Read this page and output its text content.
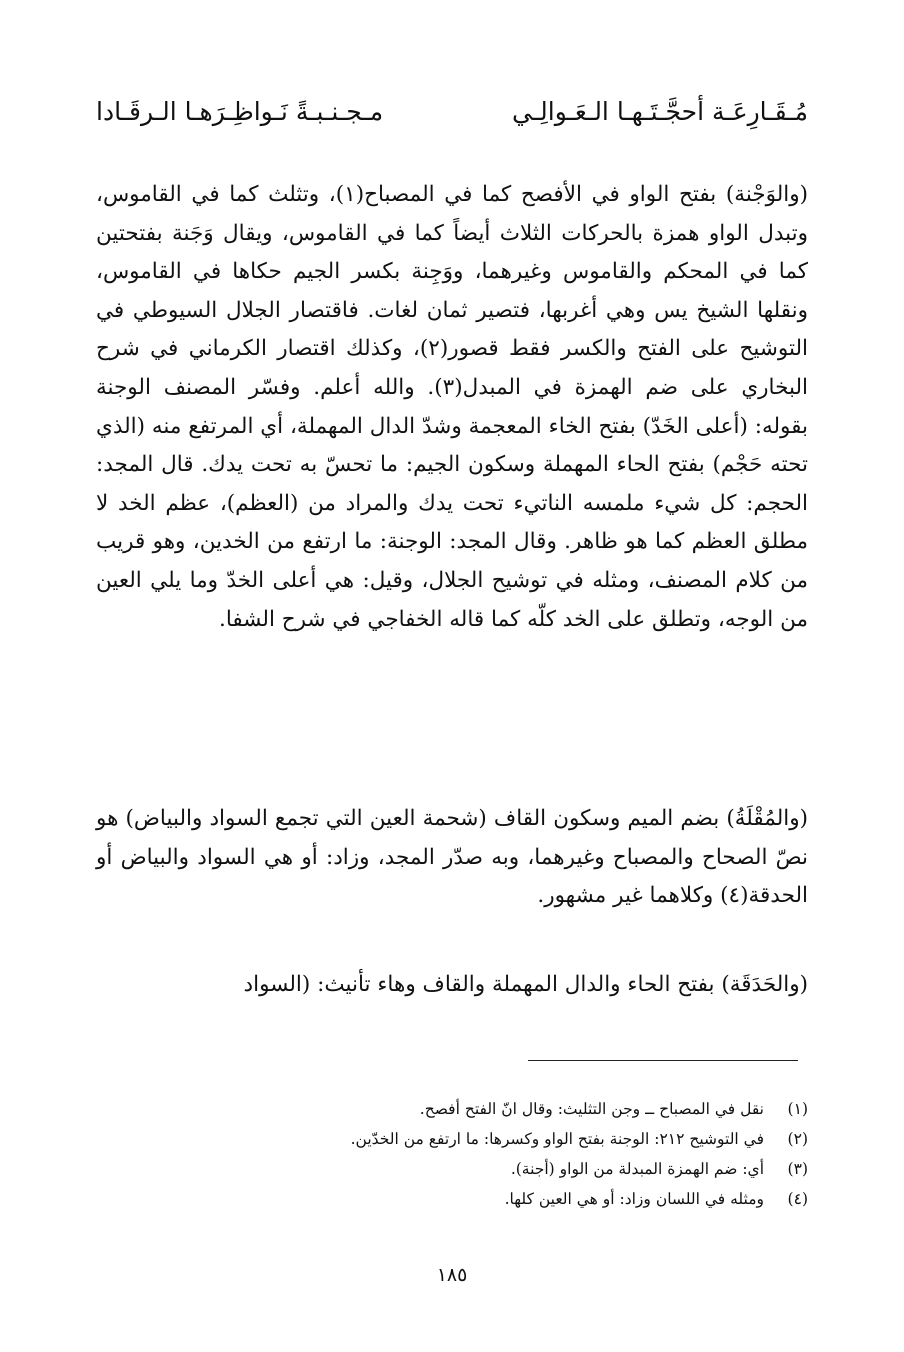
مُـقَـارِعَـة أحجَّـتَـهـا الـعَـوالِـي
مـجـنـبـةً نَـواظِـرَهـا الـرقَـادا

(والوَجْنة) بفتح الواو في الأفصح كما في المصباح(١)، وتثلث كما في القاموس، وتبدل الواو همزة بالحركات الثلاث أيضاً كما في القاموس، ويقال وَجَنة بفتحتين كما في المحكم والقاموس وغيرهما، ووَجِنة بكسر الجيم حكاها في القاموس، ونقلها الشيخ يس وهي أغربها، فتصير ثمان لغات. فاقتصار الجلال السيوطي في التوشيح على الفتح والكسر فقط قصور(٢)، وكذلك اقتصار الكرماني في شرح البخاري على ضم الهمزة في المبدل(٣). والله أعلم. وفسّر المصنف الوجنة بقوله: (أعلى الخَدّ) بفتح الخاء المعجمة وشدّ الدال المهملة، أي المرتفع منه (الذي تحته حَجْم) بفتح الحاء المهملة وسكون الجيم: ما تحسّ به تحت يدك. قال المجد: الحجم: كل شيء ملمسه الناتيء تحت يدك والمراد من (العظم)، عظم الخد لا مطلق العظم كما هو ظاهر. وقال المجد: الوجنة: ما ارتفع من الخدين، وهو قريب من كلام المصنف، ومثله في توشيح الجلال، وقيل: هي أعلى الخدّ وما يلي العين من الوجه، وتطلق على الخد كلّه كما قاله الخفاجي في شرح الشفا.

(والمُقْلَةُ) بضم الميم وسكون القاف (شحمة العين التي تجمع السواد والبياض) هو نصّ الصحاح والمصباح وغيرهما، وبه صدّر المجد، وزاد: أو هي السواد والبياض أو الحدقة(٤) وكلاهما غير مشهور.

(والحَدَقَة) بفتح الحاء والدال المهملة والقاف وهاء تأنيث: (السواد

(١)
نقل في المصباح ــ وجن التثليث: وقال انّ الفتح أفصح.
(٢)
في التوشيح ٢١٢: الوجنة بفتح الواو وكسرها: ما ارتفع من الخدّين.
(٣)
أي: ضم الهمزة المبدلة من الواو (أجنة).
(٤)
ومثله في اللسان وزاد: أو هي العين كلها.
١٨٥
